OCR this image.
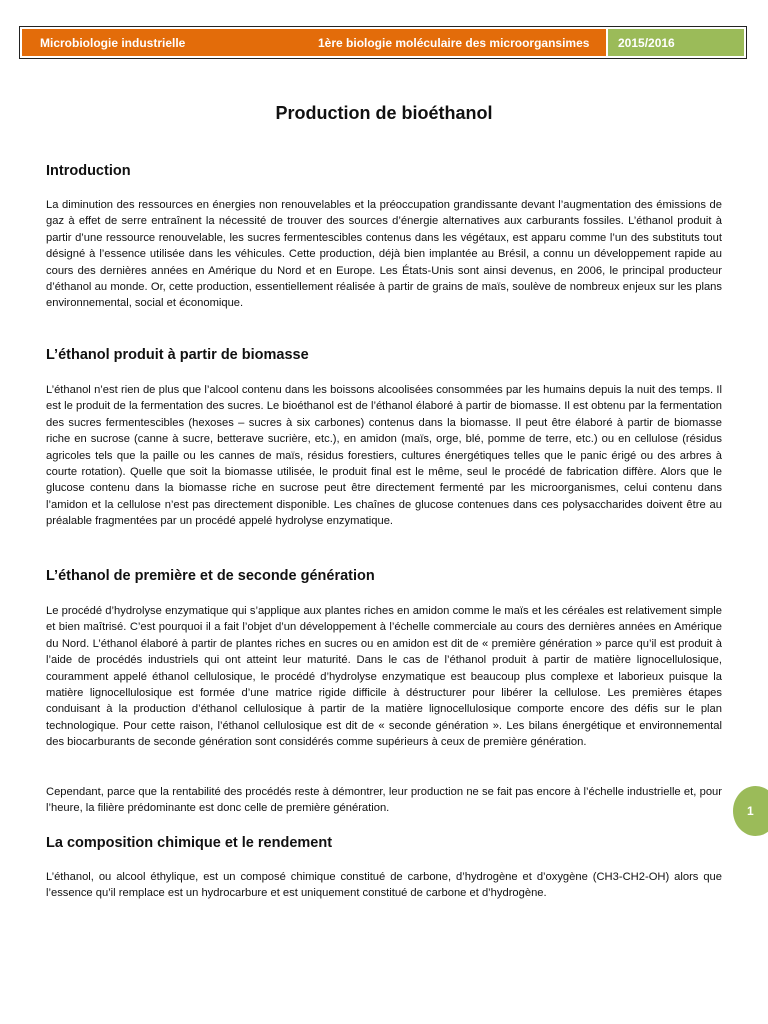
Microbiologie industrielle	1ère biologie moléculaire des microorgansimes 2015/2016
Production de bioéthanol
Introduction

La diminution des ressources en énergies non renouvelables et la préoccupation grandissante devant l’augmentation des émissions de gaz à effet de serre entraînent la nécessité de trouver des sources d’énergie alternatives aux carburants fossiles. L’éthanol produit à partir d’une ressource renouvelable, les sucres fermentescibles contenus dans les végétaux, est apparu comme l’un des substituts tout désigné à l’essence utilisée dans les véhicules. Cette production, déjà bien implantée au Brésil, a connu un développement rapide au cours des dernières années en Amérique du Nord et en Europe. Les États-Unis sont ainsi devenus, en 2006, le principal producteur d’éthanol au monde. Or, cette production, essentiellement réalisée à partir de grains de maïs, soulève de nombreux enjeux sur les plans environnemental, social et économique.

L’éthanol produit à partir de biomasse

L’éthanol n’est rien de plus que l’alcool contenu dans les boissons alcoolisées consommées par les humains depuis la nuit des temps. Il est le produit de la fermentation des sucres. Le bioéthanol est de l’éthanol élaboré à partir de biomasse. Il est obtenu par la fermentation des sucres fermentescibles (hexoses – sucres à six carbones) contenus dans la biomasse. Il peut être élaboré à partir de biomasse riche en sucrose (canne à sucre, betterave sucrière, etc.), en amidon (maïs, orge, blé, pomme de terre, etc.) ou en cellulose (résidus agricoles tels que la paille ou les cannes de maïs, résidus forestiers, cultures énergétiques telles que le panic érigé ou des arbres à courte rotation). Quelle que soit la biomasse utilisée, le produit final est le même, seul le procédé de fabrication diffère. Alors que le glucose contenu dans la biomasse riche en sucrose peut être directement fermenté par les microorganismes, celui contenu dans l’amidon et la cellulose n’est pas directement disponible. Les chaînes de glucose contenues dans ces polysaccharides doivent être au préalable fragmentées par un procédé appelé hydrolyse enzymatique.

L’éthanol de première et de seconde génération

Le procédé d’hydrolyse enzymatique qui s’applique aux plantes riches en amidon comme le maïs et les céréales est relativement simple et bien maîtrisé. C’est pourquoi il a fait l’objet d’un développement à l’échelle commerciale au cours des dernières années en Amérique du Nord. L’éthanol élaboré à partir de plantes riches en sucres ou en amidon est dit de « première génération » parce qu’il est produit à l’aide de procédés industriels qui ont atteint leur maturité. Dans le cas de l’éthanol produit à partir de matière lignocellulosique, couramment appelé éthanol cellulosique, le procédé d’hydrolyse enzymatique est beaucoup plus complexe et laborieux puisque la matière lignocellulosique est formée d’une matrice rigide difficile à déstructurer pour libérer la cellulose. Les premières étapes conduisant à la production d’éthanol cellulosique à partir de la matière lignocellulosique comporte encore des défis sur le plan technologique. Pour cette raison, l’éthanol cellulosique est dit de « seconde génération ». Les bilans énergétique et environnemental des biocarburants de seconde génération sont considérés comme supérieurs à ceux de première génération.

Cependant, parce que la rentabilité des procédés reste à démontrer, leur production ne se fait pas encore à l’échelle industrielle et, pour l’heure, la filière prédominante est donc celle de première génération.

La composition chimique et le rendement

L’éthanol, ou alcool éthylique, est un composé chimique constitué de carbone, d’hydrogène et d’oxygène (CH3-CH2-OH) alors que l’essence qu’il remplace est un hydrocarbure et est uniquement constitué de carbone et d’hydrogène.

1
